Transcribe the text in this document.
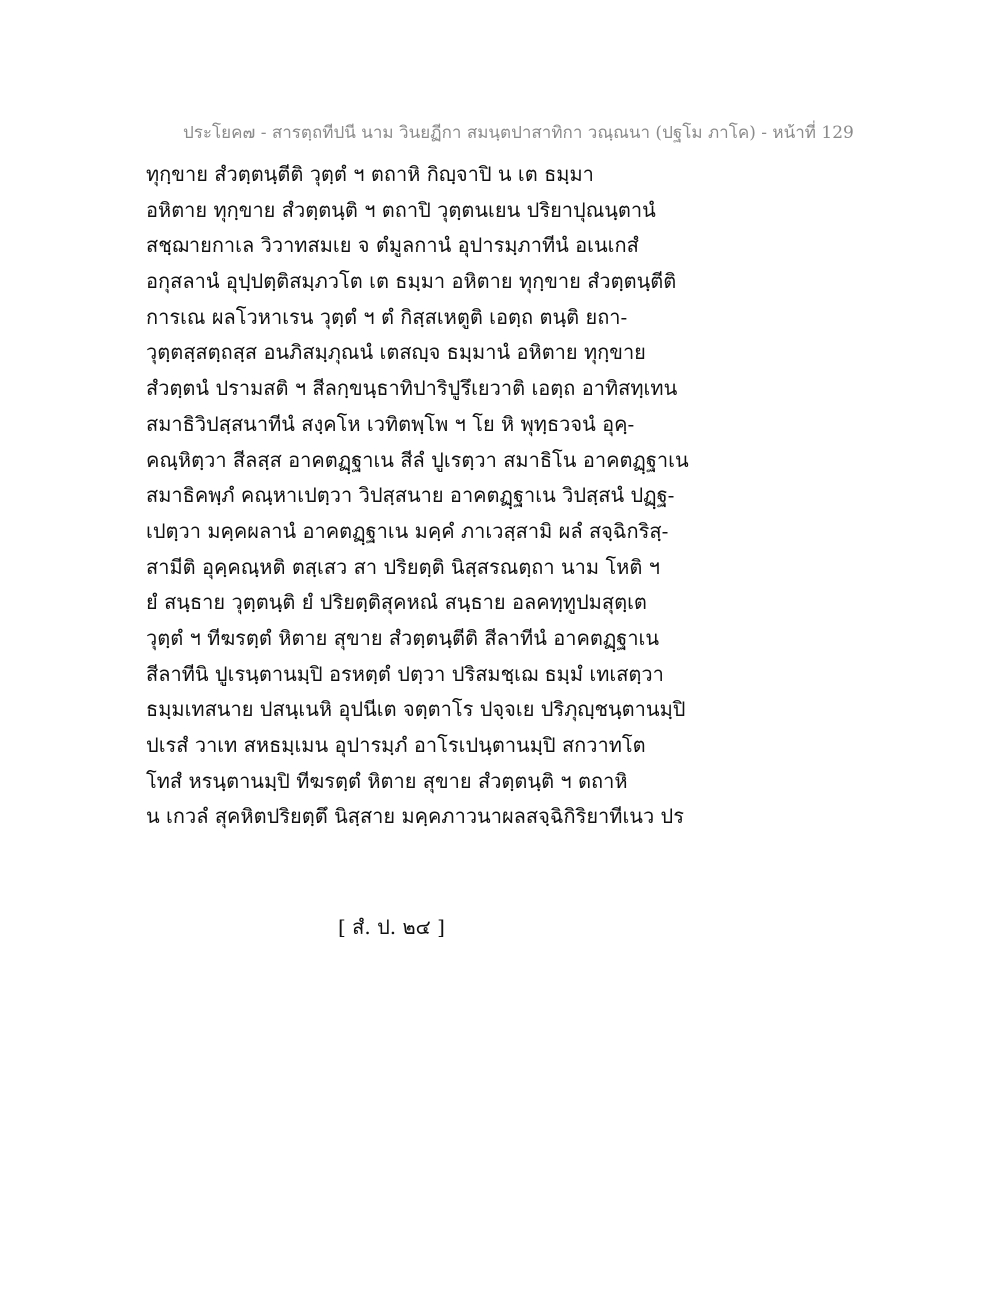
ประโยค๗ - สารตฺถทีปนี นาม วินยฏีกา สมนฺตปาสาทิกา วณฺณนา (ปฐโม ภาโค) - หน้าที่ 129
ทุกฺขาย สํวตฺตนฺตีติ วุตฺตํ ฯ ตถาหิ กิญฺจาปิ น เต ธมฺมา
อหิตาย ทุกฺขาย สํวตฺตนฺติ ฯ ตถาปิ วุตฺตนเยน ปริยาปุณนฺตานํ
สชฺฌายกาเล วิวาทสมเย จ ตํมูลกานํ อุปารมฺภาทีนํ อเนเกสํ
อกุสลานํ อุปฺปตฺติสมฺภวโต เต ธมฺมา อหิตาย ทุกฺขาย สํวตฺตนฺตีติ
การเณ ผลโวหาเรน วุตฺตํ ฯ ตํ กิสฺสเหตูติ เอตฺถ ตนฺติ ยถา-
วุตฺตสฺสตฺถสฺส อนภิสมฺภุณนํ เตสญฺจ ธมฺมานํ อหิตาย ทุกฺขาย
สํวตฺตนํ ปรามสติ ฯ สีลกฺขนฺธาทิปาริปูรึเยวาติ เอตฺถ อาทิสทฺเทน
สมาธิวิปสฺสนาทีนํ สงฺคโห เวทิตพฺโพ ฯ โย หิ พุทฺธวจนํ อุคฺ-
คณฺหิตฺวา สีลสฺส อาคตฏฺฐาเน สีลํ ปูเรตฺวา สมาธิโน อาคตฏฺฐาเน
สมาธิคพฺภํ คณฺหาเปตฺวา วิปสฺสนาย อาคตฏฺฐาเน วิปสฺสนํ ปฏฺฐ-
เปตฺวา มคฺคผลานํ อาคตฏฺฐาเน มคฺคํ ภาเวสฺสามิ ผลํ สจฺฉิกริสฺ-
สามีติ อุคฺคณฺหติ ตสฺเสว สา ปริยตฺติ นิสฺสรณตฺถา นาม โหติ ฯ
ยํ สนฺธาย วุตฺตนฺติ ยํ ปริยตฺติสุคหณํ สนฺธาย อลคทฺทูปมสุตฺเต
วุตฺตํ ฯ ทีฆรตฺตํ หิตาย สุขาย สํวตฺตนฺตีติ สีลาทีนํ อาคตฏฺฐาเน
สีลาทีนิ ปูเรนฺตานมฺปิ อรหตฺตํ ปตฺวา ปริสมชฺเฌ ธมฺมํ เทเสตฺวา
ธมฺมเทสนาย ปสนฺเนหิ อุปนีเต จตฺตาโร ปจฺจเย ปริภุญฺชนฺตานมฺปิ
ปเรสํ วาเท สหธมฺเมน อุปารมฺภํ อาโรเปนฺตานมฺปิ สกวาทโต
โทสํ หรนฺตานมฺปิ ทีฆรตฺตํ หิตาย สุขาย สํวตฺตนฺติ ฯ ตถาหิ
น เกวลํ สุคหิตปริยตฺตึ นิสฺสาย มคฺคภาวนาผลสจฺฉิกิริยาทีเนว ปร
[ สํ. ป. ๒๔ ]
